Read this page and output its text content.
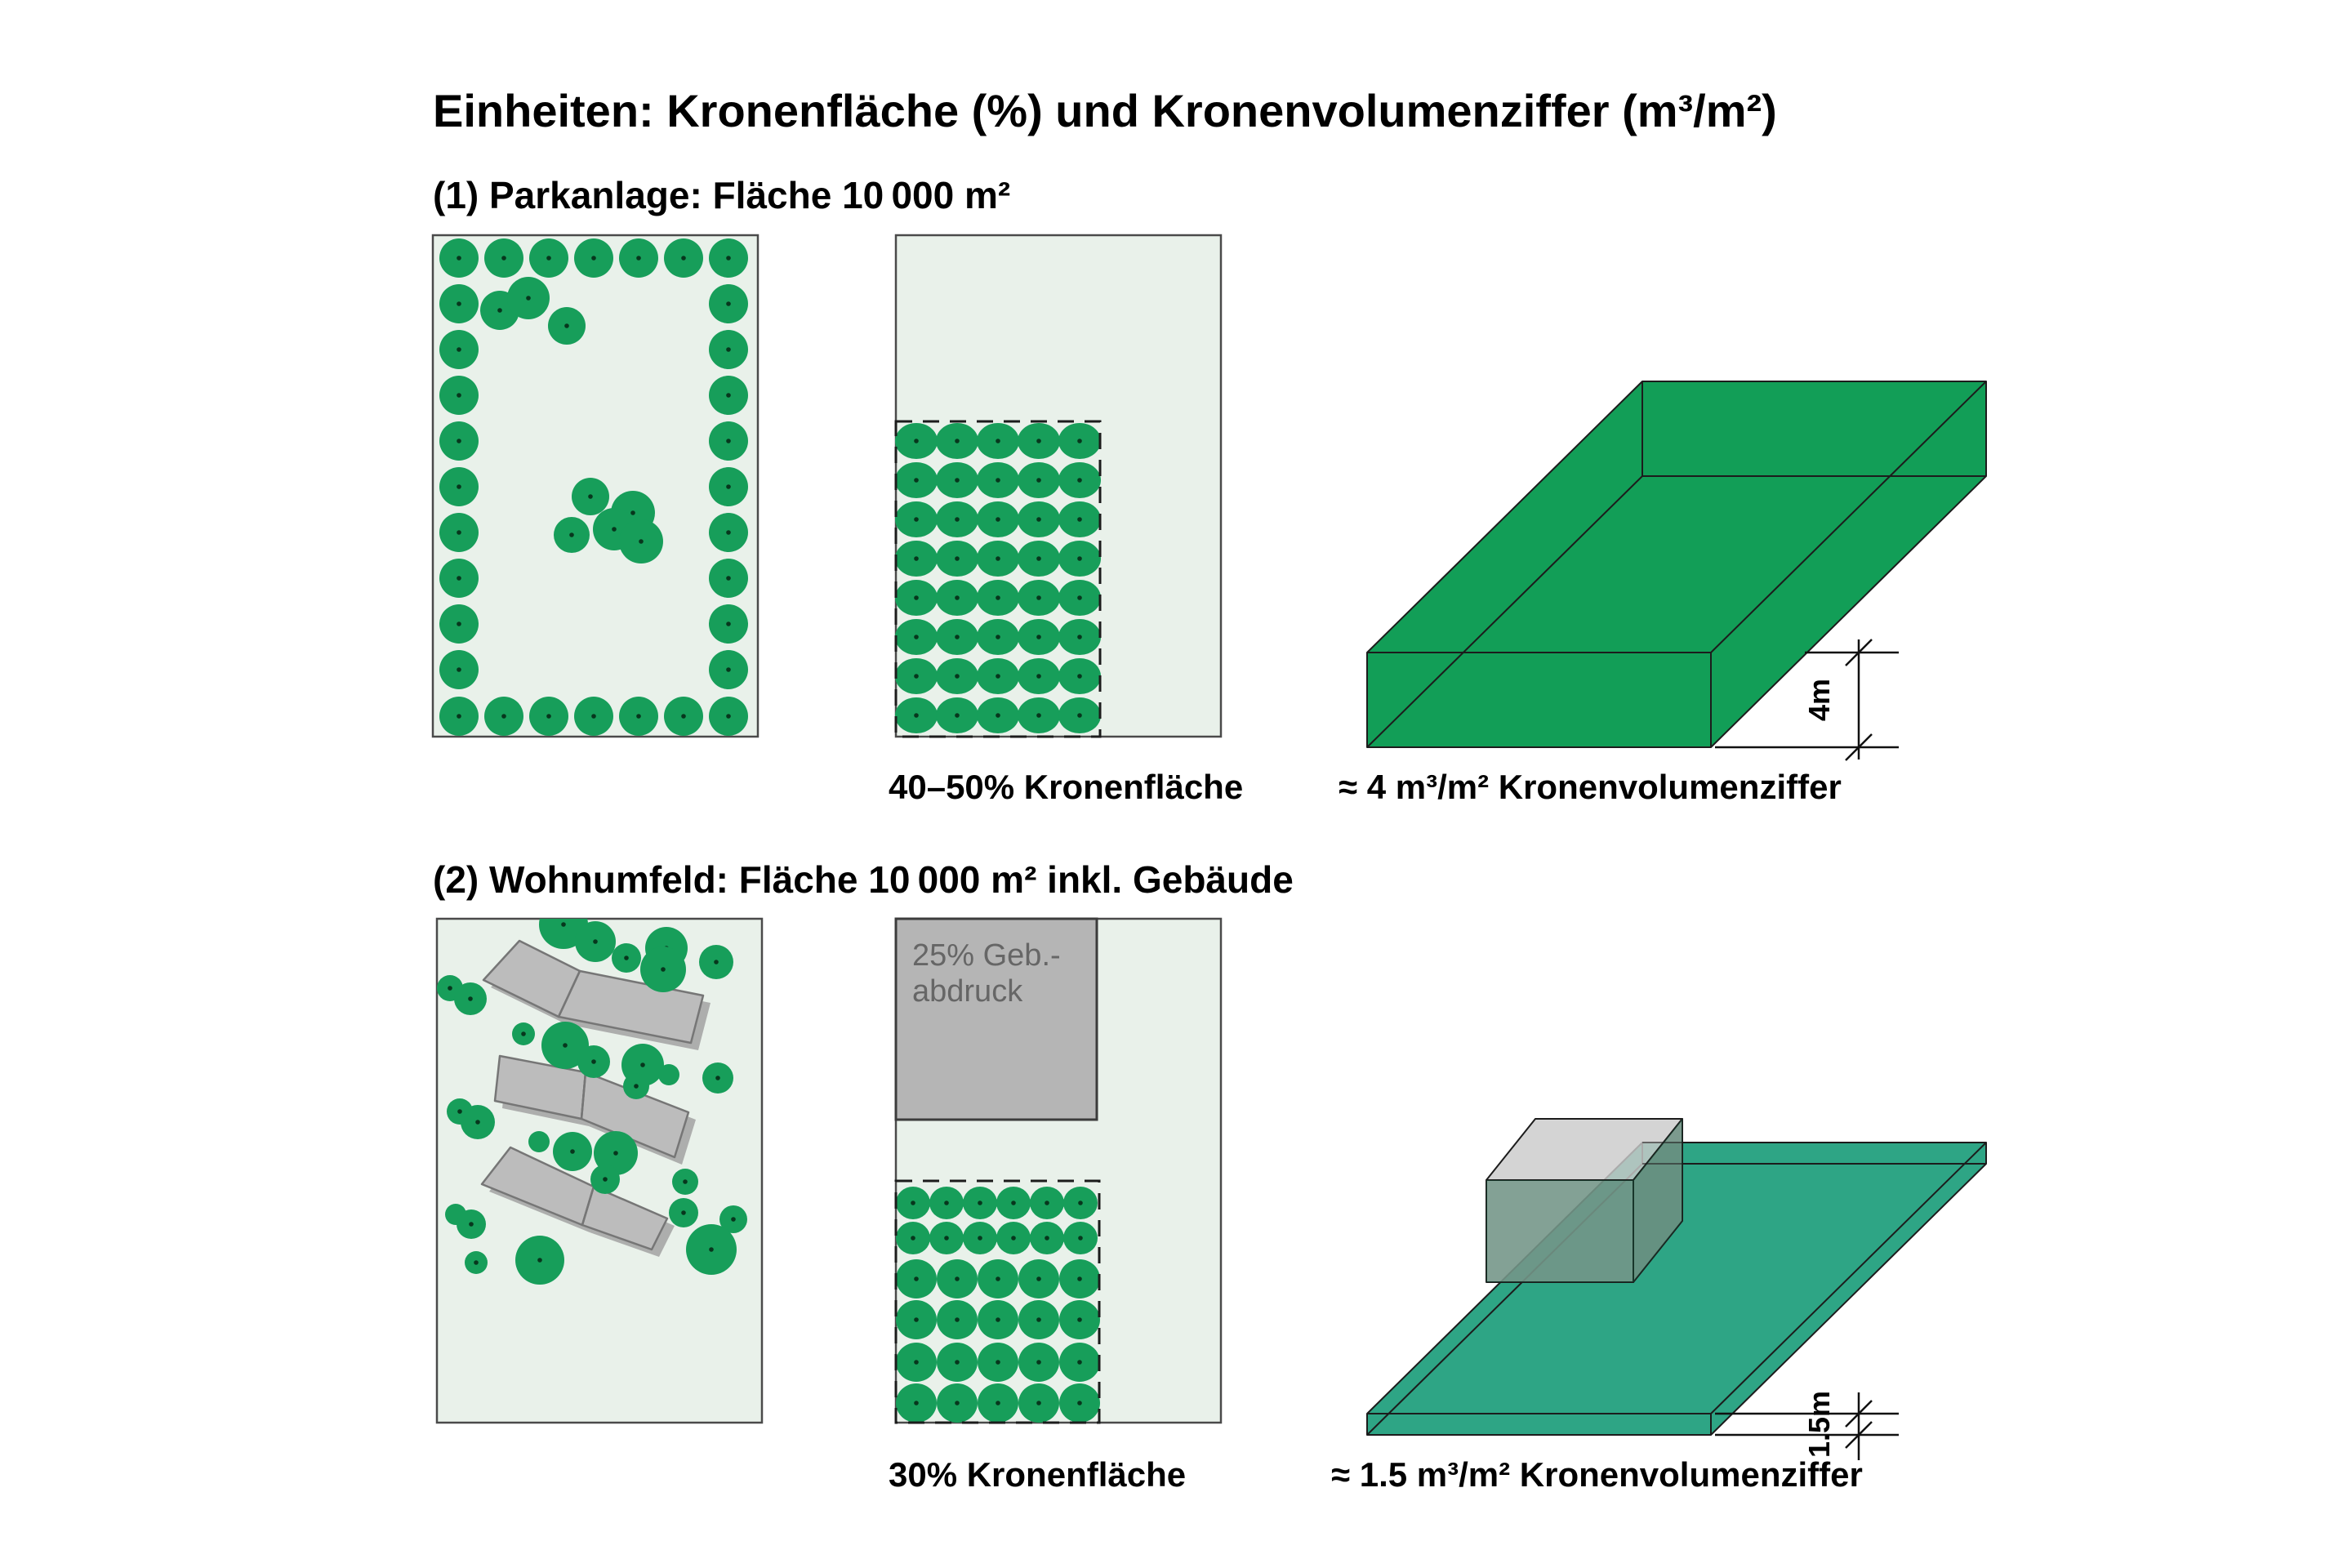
Einheiten: Kronenfläche (%) und Kronenvolumenziffer (m³/m²)
(1) Parkanlage: Fläche 10 000 m²
(2) Wohnumfeld: Fläche 10 000 m² inkl. Gebäude
40–50% Kronenfläche
4m
≈ 4 m³/m² Kronenvolumenziffer
25% Geb.-
abdruck
30% Kronenfläche
1.5m
≈ 1.5 m³/m² Kronenvolumenziffer
